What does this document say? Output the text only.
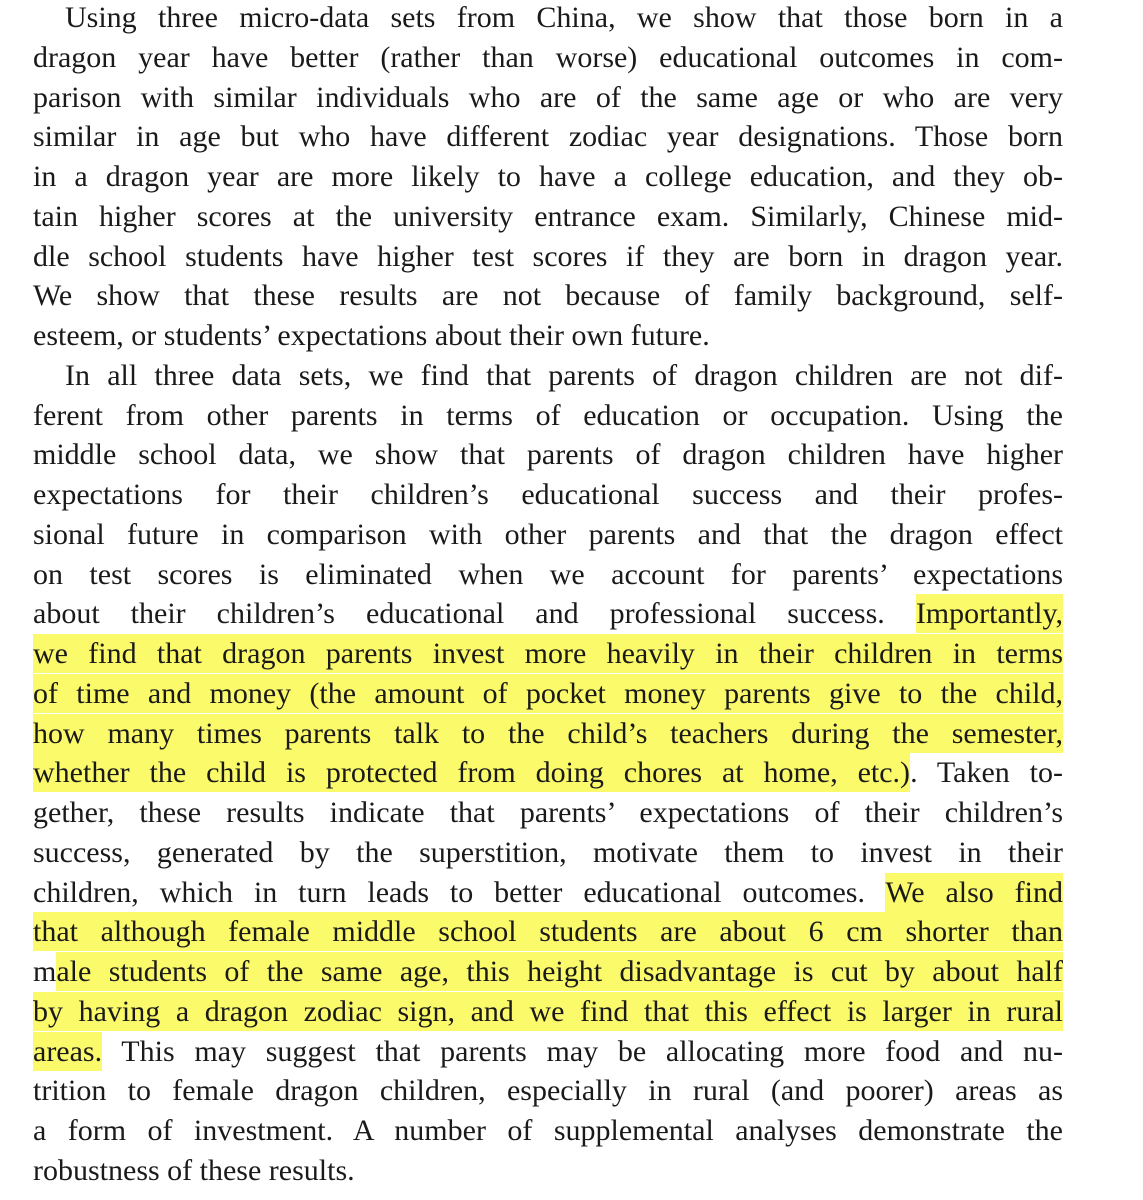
Using three micro-data sets from China, we show that those born in a
dragon year have better (rather than worse) educational outcomes in com-
parison with similar individuals who are of the same age or who are very
similar in age but who have different zodiac year designations. Those born
in a dragon year are more likely to have a college education, and they ob-
tain higher scores at the university entrance exam. Similarly, Chinese mid-
dle school students have higher test scores if they are born in dragon year.
We show that these results are not because of family background, self-
esteem, or students’ expectations about their own future.
In all three data sets, we find that parents of dragon children are not dif-
ferent from other parents in terms of education or occupation. Using the
middle school data, we show that parents of dragon children have higher
expectations for their children’s educational success and their profes-
sional future in comparison with other parents and that the dragon effect
on test scores is eliminated when we account for parents’ expectations
about their children’s educational and professional success. Importantly,
we find that dragon parents invest more heavily in their children in terms
of time and money (the amount of pocket money parents give to the child,
how many times parents talk to the child’s teachers during the semester,
whether the child is protected from doing chores at home, etc.). Taken to-
gether, these results indicate that parents’ expectations of their children’s
success, generated by the superstition, motivate them to invest in their
children, which in turn leads to better educational outcomes. We also find
that although female middle school students are about 6 cm shorter than
male students of the same age, this height disadvantage is cut by about half
by having a dragon zodiac sign, and we find that this effect is larger in rural
areas. This may suggest that parents may be allocating more food and nu-
trition to female dragon children, especially in rural (and poorer) areas as
a form of investment. A number of supplemental analyses demonstrate the
robustness of these results.
